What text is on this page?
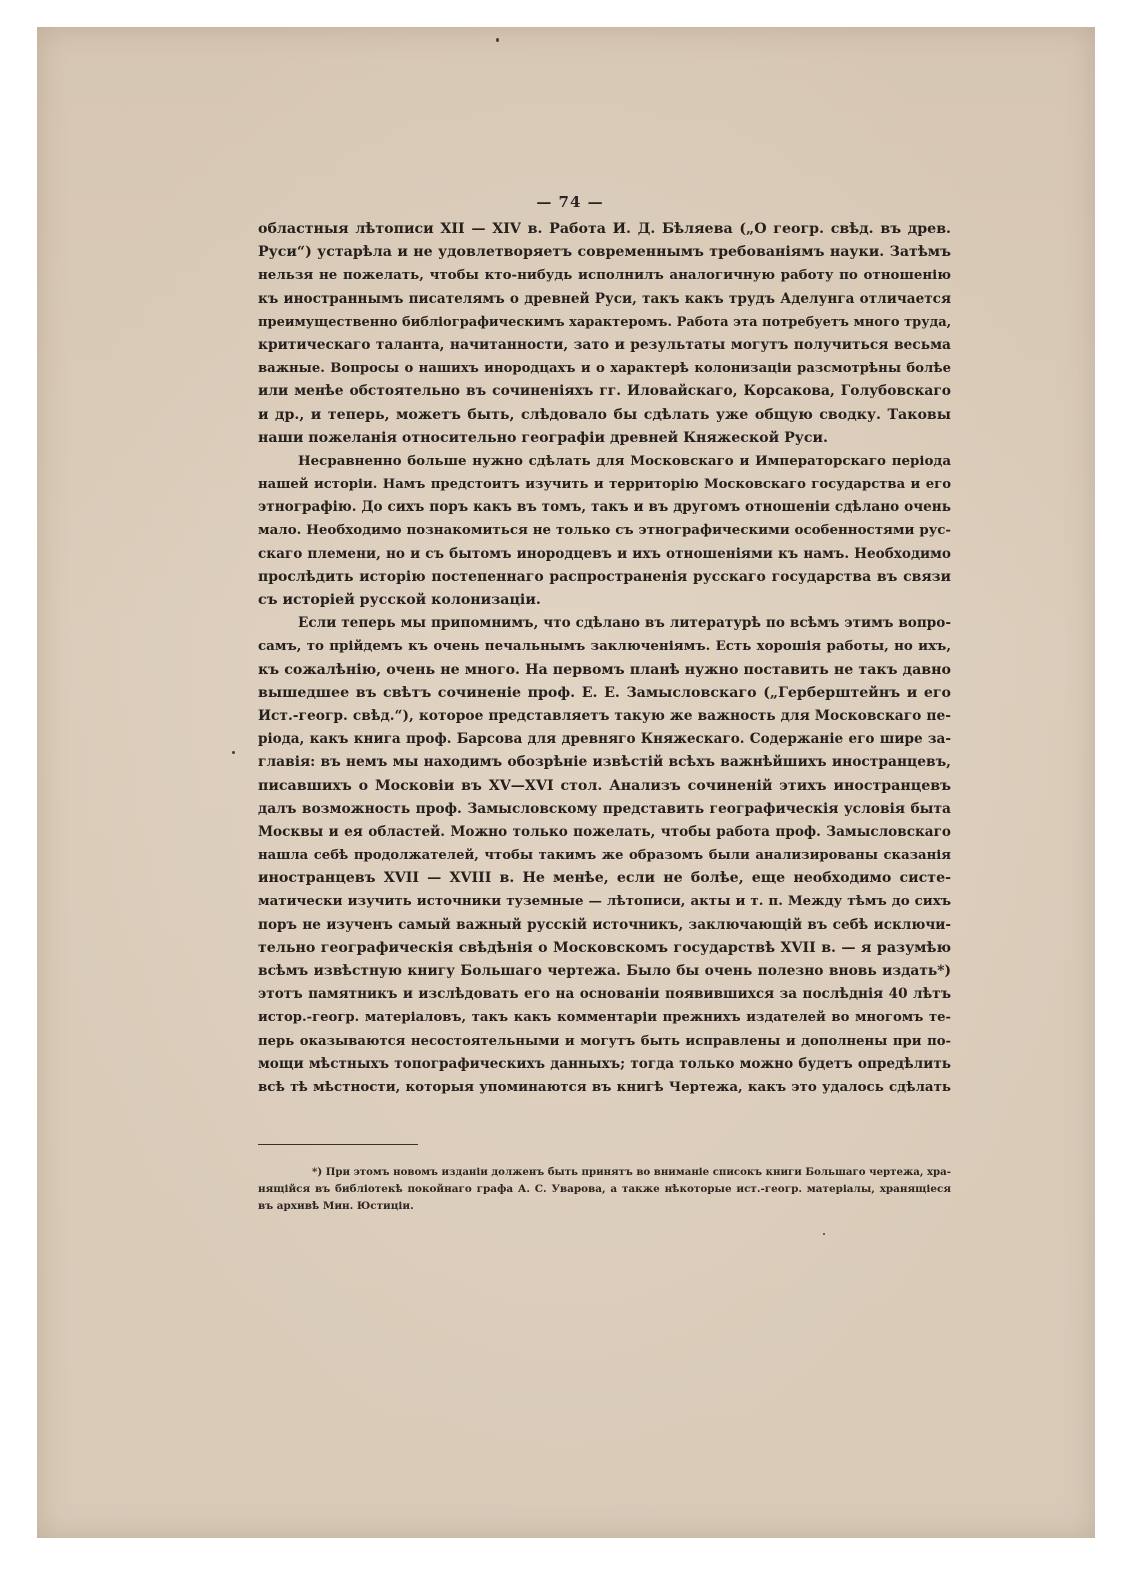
— 74 —
областныя лѣтописи XII — XIV в. Работа И. Д. Бѣляева („О геогр. свѣд. въ древ.
Руси“) устарѣла и не удовлетворяетъ современнымъ требованіямъ науки. Затѣмъ
нельзя не пожелать, чтобы кто-нибудь исполнилъ аналогичную работу по отношенію
къ иностраннымъ писателямъ о древней Руси, такъ какъ трудъ Аделунга отличается
преимущественно библіографическимъ характеромъ. Работа эта потребуетъ много труда,
критическаго таланта, начитанности, зато и результаты могутъ получиться весьма
важные. Вопросы о нашихъ инородцахъ и о характерѣ колонизаціи разсмотрѣны болѣе
или менѣе обстоятельно въ сочиненіяхъ гг. Иловайскаго, Корсакова, Голубовскаго
и др., и теперь, можетъ быть, слѣдовало бы сдѣлать уже общую сводку. Таковы
наши пожеланія относительно географіи древней Княжеской Руси.
Несравненно больше нужно сдѣлать для Московскаго и Императорскаго періода
нашей исторіи. Намъ предстоитъ изучить и территорію Московскаго государства и его
этнографію. До сихъ поръ какъ въ томъ, такъ и въ другомъ отношеніи сдѣлано очень
мало. Необходимо познакомиться не только съ этнографическими особенностями рус-
скаго племени, но и съ бытомъ инородцевъ и ихъ отношеніями къ намъ. Необходимо
прослѣдить исторію постепеннаго распространенія русскаго государства въ связи
съ исторіей русской колонизаціи.
Если теперь мы припомнимъ, что сдѣлано въ литературѣ по всѣмъ этимъ вопро-
самъ, то прійдемъ къ очень печальнымъ заключеніямъ. Есть хорошія работы, но ихъ,
къ сожалѣнію, очень не много. На первомъ планѣ нужно поставить не такъ давно
вышедшее въ свѣтъ сочиненіе проф. Е. Е. Замысловскаго („Герберштейнъ и его
Ист.-геогр. свѣд.“), которое представляетъ такую же важность для Московскаго пе-
ріода, какъ книга проф. Барсова для древняго Княжескаго. Содержаніе его шире за-
главія: въ немъ мы находимъ обозрѣніе извѣстій всѣхъ важнѣйшихъ иностранцевъ,
писавшихъ о Московіи въ XV—XVI стол. Анализъ сочиненій этихъ иностранцевъ
далъ возможность проф. Замысловскому представить географическія условія быта
Москвы и ея областей. Можно только пожелать, чтобы работа проф. Замысловскаго
нашла себѣ продолжателей, чтобы такимъ же образомъ были анализированы сказанія
иностранцевъ XVII — XVIII в. Не менѣе, если не болѣе, еще необходимо систе-
матически изучить источники туземные — лѣтописи, акты и т. п. Между тѣмъ до сихъ
поръ не изученъ самый важный русскій источникъ, заключающій въ себѣ исключи-
тельно географическія свѣдѣнія о Московскомъ государствѣ XVII в. — я разумѣю
всѣмъ извѣстную книгу Большаго чертежа. Было бы очень полезно вновь издать*)
этотъ памятникъ и изслѣдовать его на основаніи появившихся за послѣднія 40 лѣтъ
истор.-геогр. матеріаловъ, такъ какъ комментаріи прежнихъ издателей во многомъ те-
перь оказываются несостоятельными и могутъ быть исправлены и дополнены при по-
мощи мѣстныхъ топографическихъ данныхъ; тогда только можно будетъ опредѣлить
всѣ тѣ мѣстности, которыя упоминаются въ книгѣ Чертежа, какъ это удалось сдѣлать
*) При этомъ новомъ изданіи долженъ быть принятъ во вниманіе списокъ книги Большаго чертежа, хра-
нящійся въ библіотекѣ покойнаго графа А. С. Уварова, а также нѣкоторые ист.-геогр. матеріалы, хранящіеся
въ архивѣ Мин. Юстиціи.
